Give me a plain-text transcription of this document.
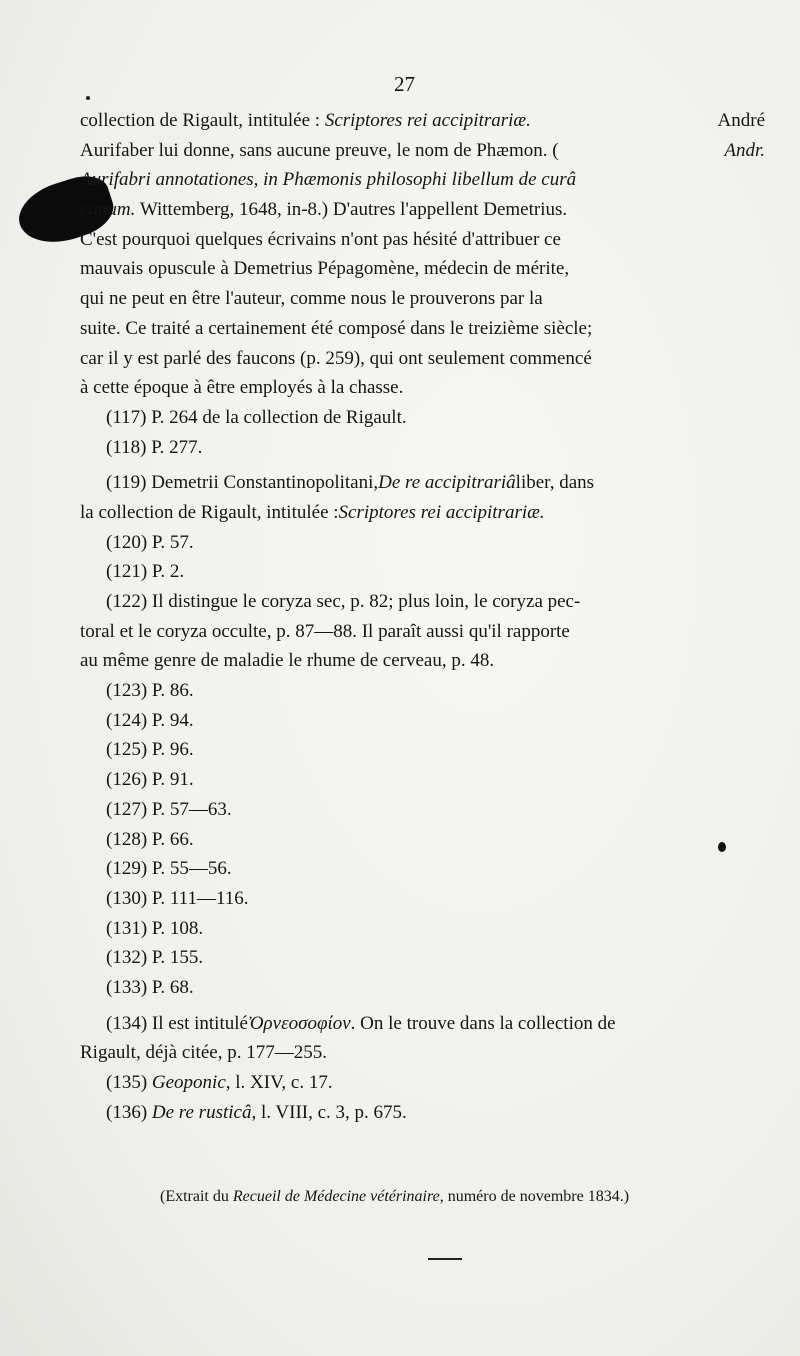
27
collection de Rigault, intitulée : Scriptores rei accipitrariæ.	André
Aurifaber lui donne, sans aucune preuve, le nom de Phæmon. (	Andr.
Aurifabri annotationes, in Phæmonis philosophi libellum de curâ
canum. Wittemberg, 1648, in-8.) D'autres l'appellent Demetrius.
C'est pourquoi quelques écrivains n'ont pas hésité d'attribuer ce
mauvais opuscule à Demetrius Pépagomène, médecin de mérite,
qui ne peut en être l'auteur, comme nous le prouverons par la
suite. Ce traité a certainement été composé dans le treizième siècle;
car il y est parlé des faucons (p. 259), qui ont seulement commencé
à cette époque à être employés à la chasse.
(117)
P. 264 de la collection de Rigault.
(118)
P. 277.
(119)
Demetrii Constantinopolitani, De re accipitrariâ liber, dans
la collection de Rigault, intitulée : Scriptores rei accipitrariæ.
(120)
P. 57.
(121)
P. 2.
(122)
Il distingue le coryza sec, p. 82; plus loin, le coryza pec-
toral et le coryza occulte, p. 87—88. Il paraît aussi qu'il rapporte
au même genre de maladie le rhume de cerveau, p. 48.
(123)
P. 86.
(124)
P. 94.
(125)
P. 96.
(126)
P. 91.
(127)
P. 57—63.
(128)
P. 66.
(129)
P. 55—56.
(130)
P. 111—116.
(131)
P. 108.
(132)
P. 155.
(133)
P. 68.
(134)
Il est intitulé Ὀρνεοσοφίον . On le trouve dans la collection de
Rigault, déjà citée, p. 177—255.
(135)
Geoponic , l. XIV, c. 17.
(136)
De re rusticâ , l. VIII, c. 3, p. 675.
(Extrait du Recueil de Médecine vétérinaire, numéro de novembre 1834.)
